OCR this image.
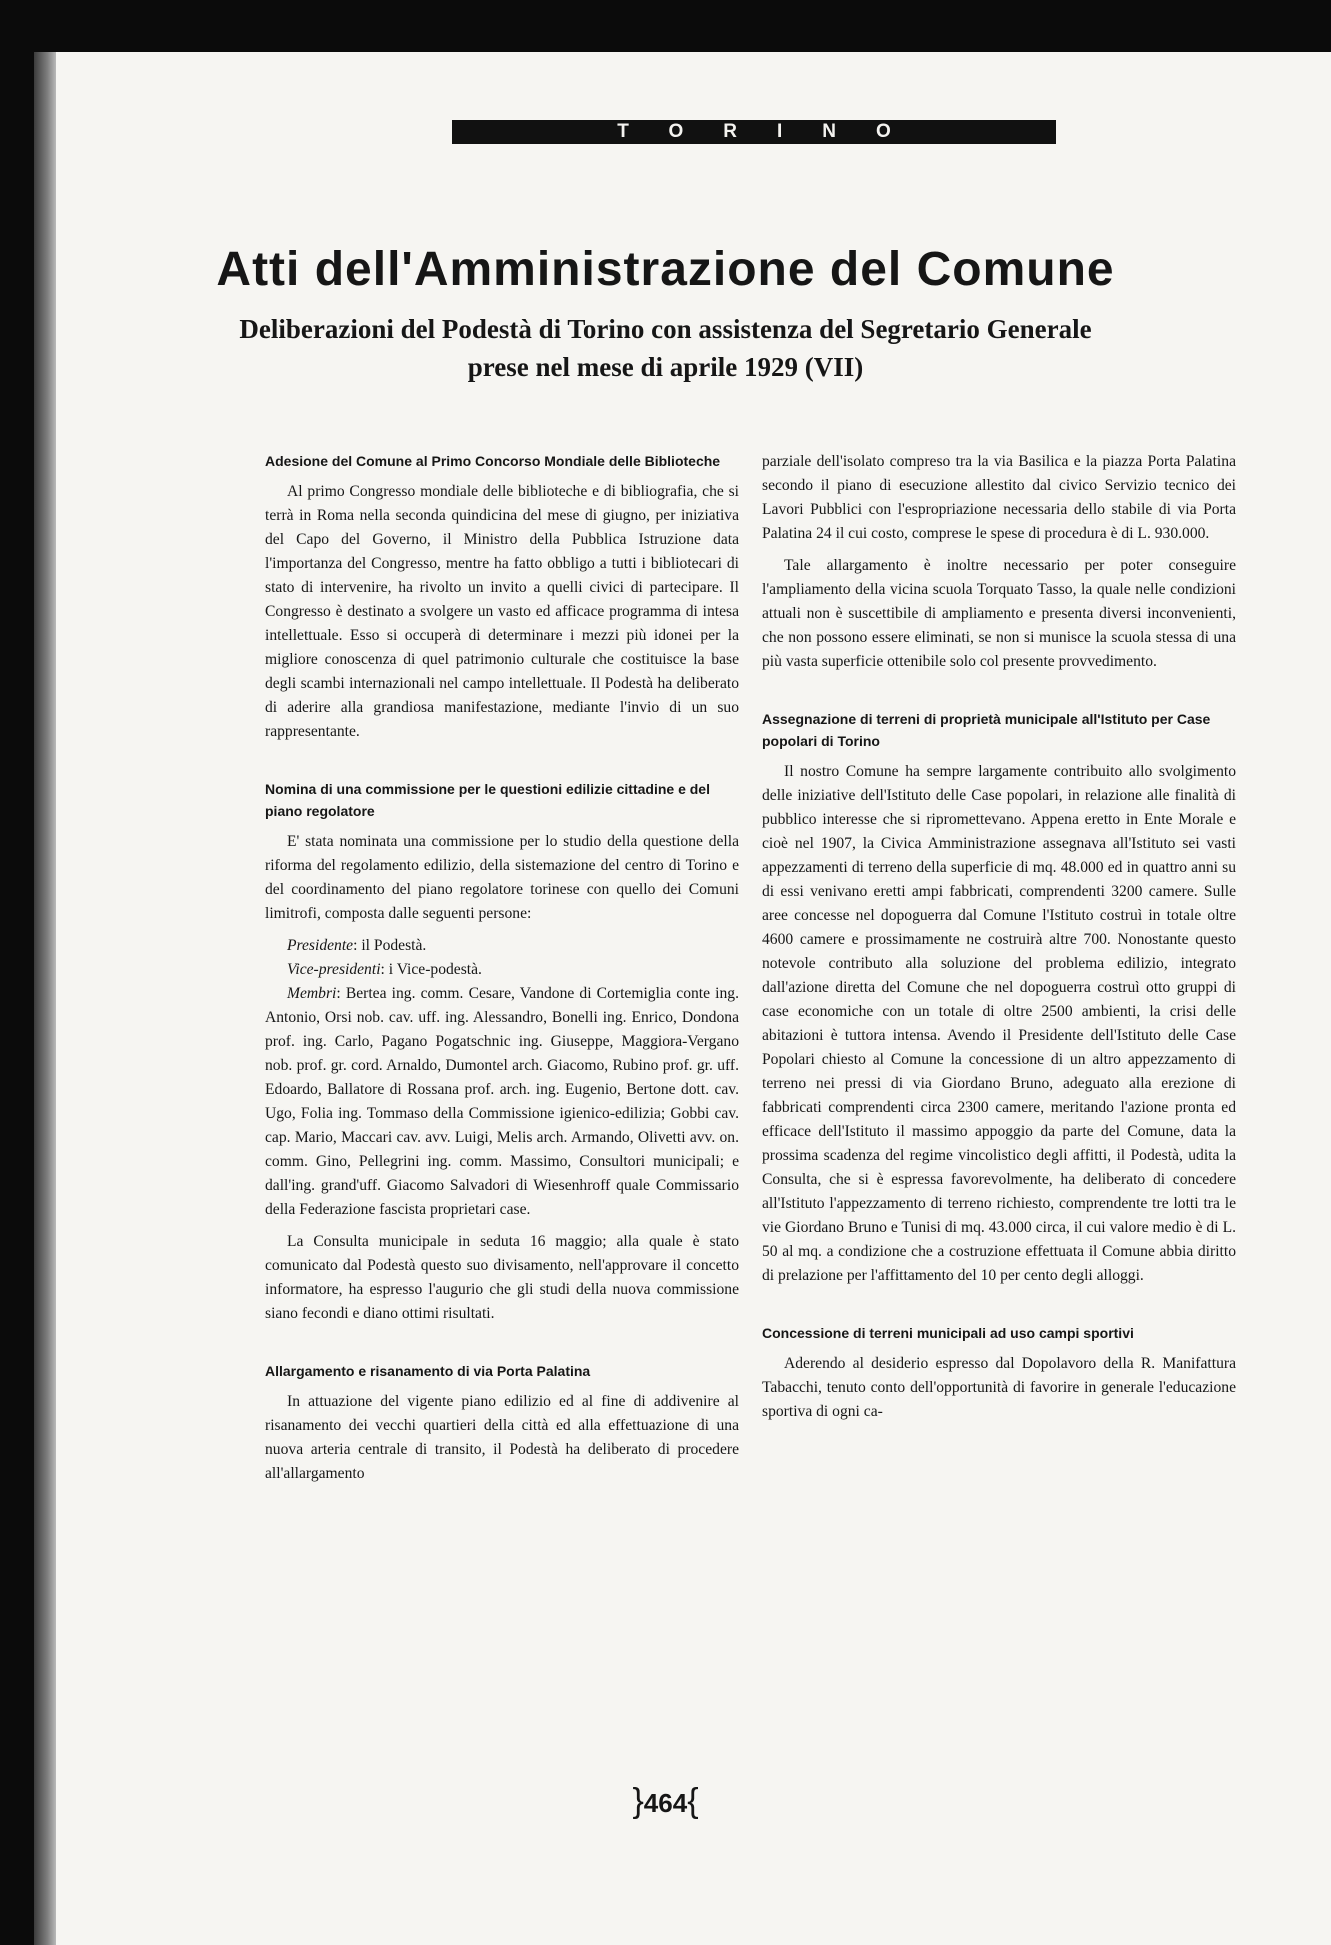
TORINO
Atti dell'Amministrazione del Comune
Deliberazioni del Podestà di Torino con assistenza del Segretario Generale
prese nel mese di aprile 1929 (VII)
Adesione del Comune al Primo Concorso Mondiale delle Biblioteche

Al primo Congresso mondiale delle biblioteche e di bibliografia, che si terrà in Roma nella seconda quindicina del mese di giugno, per iniziativa del Capo del Governo, il Ministro della Pubblica Istruzione data l'importanza del Congresso, mentre ha fatto obbligo a tutti i bibliotecari di stato di intervenire, ha rivolto un invito a quelli civici di partecipare. Il Congresso è destinato a svolgere un vasto ed afficace programma di intesa intellettuale. Esso si occuperà di determinare i mezzi più idonei per la migliore conoscenza di quel patrimonio culturale che costituisce la base degli scambi internazionali nel campo intellettuale. Il Podestà ha deliberato di aderire alla grandiosa manifestazione, mediante l'invio di un suo rappresentante.

Nomina di una commissione per le questioni edilizie cittadine e del piano regolatore

E' stata nominata una commissione per lo studio della questione della riforma del regolamento edilizio, della sistemazione del centro di Torino e del coordinamento del piano regolatore torinese con quello dei Comuni limitrofi, composta dalle seguenti persone:

Presidente: il Podestà.
Vice-presidenti: i Vice-podestà.
Membri: Bertea ing. comm. Cesare, Vandone di Cortemiglia conte ing. Antonio, Orsi nob. cav. uff. ing. Alessandro, Bonelli ing. Enrico, Dondona prof. ing. Carlo, Pagano Pogatschnic ing. Giuseppe, Maggiora-Vergano nob. prof. gr. cord. Arnaldo, Dumontel arch. Giacomo, Rubino prof. gr. uff. Edoardo, Ballatore di Rossana prof. arch. ing. Eugenio, Bertone dott. cav. Ugo, Folia ing. Tommaso della Commissione igienico-edilizia; Gobbi cav. cap. Mario, Maccari cav. avv. Luigi, Melis arch. Armando, Olivetti avv. on. comm. Gino, Pellegrini ing. comm. Massimo, Consultori municipali; e dall'ing. grand'uff. Giacomo Salvadori di Wiesenhroff quale Commissario della Federazione fascista proprietari case.

La Consulta municipale in seduta 16 maggio; alla quale è stato comunicato dal Podestà questo suo divisamento, nell'approvare il concetto informatore, ha espresso l'augurio che gli studi della nuova commissione siano fecondi e diano ottimi risultati.

Allargamento e risanamento di via Porta Palatina

In attuazione del vigente piano edilizio ed al fine di addivenire al risanamento dei vecchi quartieri della città ed alla effettuazione di una nuova arteria centrale di transito, il Podestà ha deliberato di procedere all'allargamento

parziale dell'isolato compreso tra la via Basilica e la piazza Porta Palatina secondo il piano di esecuzione allestito dal civico Servizio tecnico dei Lavori Pubblici con l'espropriazione necessaria dello stabile di via Porta Palatina 24 il cui costo, comprese le spese di procedura è di L. 930.000.

Tale allargamento è inoltre necessario per poter conseguire l'ampliamento della vicina scuola Torquato Tasso, la quale nelle condizioni attuali non è suscettibile di ampliamento e presenta diversi inconvenienti, che non possono essere eliminati, se non si munisce la scuola stessa di una più vasta superficie ottenibile solo col presente provvedimento.

Assegnazione di terreni di proprietà municipale all'Istituto per Case popolari di Torino

Il nostro Comune ha sempre largamente contribuito allo svolgimento delle iniziative dell'Istituto delle Case popolari, in relazione alle finalità di pubblico interesse che si ripromettevano. Appena eretto in Ente Morale e cioè nel 1907, la Civica Amministrazione assegnava all'Istituto sei vasti appezzamenti di terreno della superficie di mq. 48.000 ed in quattro anni su di essi venivano eretti ampi fabbricati, comprendenti 3200 camere. Sulle aree concesse nel dopoguerra dal Comune l'Istituto costruì in totale oltre 4600 camere e prossimamente ne costruirà altre 700. Nonostante questo notevole contributo alla soluzione del problema edilizio, integrato dall'azione diretta del Comune che nel dopoguerra costruì otto gruppi di case economiche con un totale di oltre 2500 ambienti, la crisi delle abitazioni è tuttora intensa. Avendo il Presidente dell'Istituto delle Case Popolari chiesto al Comune la concessione di un altro appezzamento di terreno nei pressi di via Giordano Bruno, adeguato alla erezione di fabbricati comprendenti circa 2300 camere, meritando l'azione pronta ed efficace dell'Istituto il massimo appoggio da parte del Comune, data la prossima scadenza del regime vincolistico degli affitti, il Podestà, udita la Consulta, che si è espressa favorevolmente, ha deliberato di concedere all'Istituto l'appezzamento di terreno richiesto, comprendente tre lotti tra le vie Giordano Bruno e Tunisi di mq. 43.000 circa, il cui valore medio è di L. 50 al mq. a condizione che a costruzione effettuata il Comune abbia diritto di prelazione per l'affittamento del 10 per cento degli alloggi.

Concessione di terreni municipali ad uso campi sportivi

Aderendo al desiderio espresso dal Dopolavoro della R. Manifattura Tabacchi, tenuto conto dell'opportunità di favorire in generale l'educazione sportiva di ogni ca-

}464{
